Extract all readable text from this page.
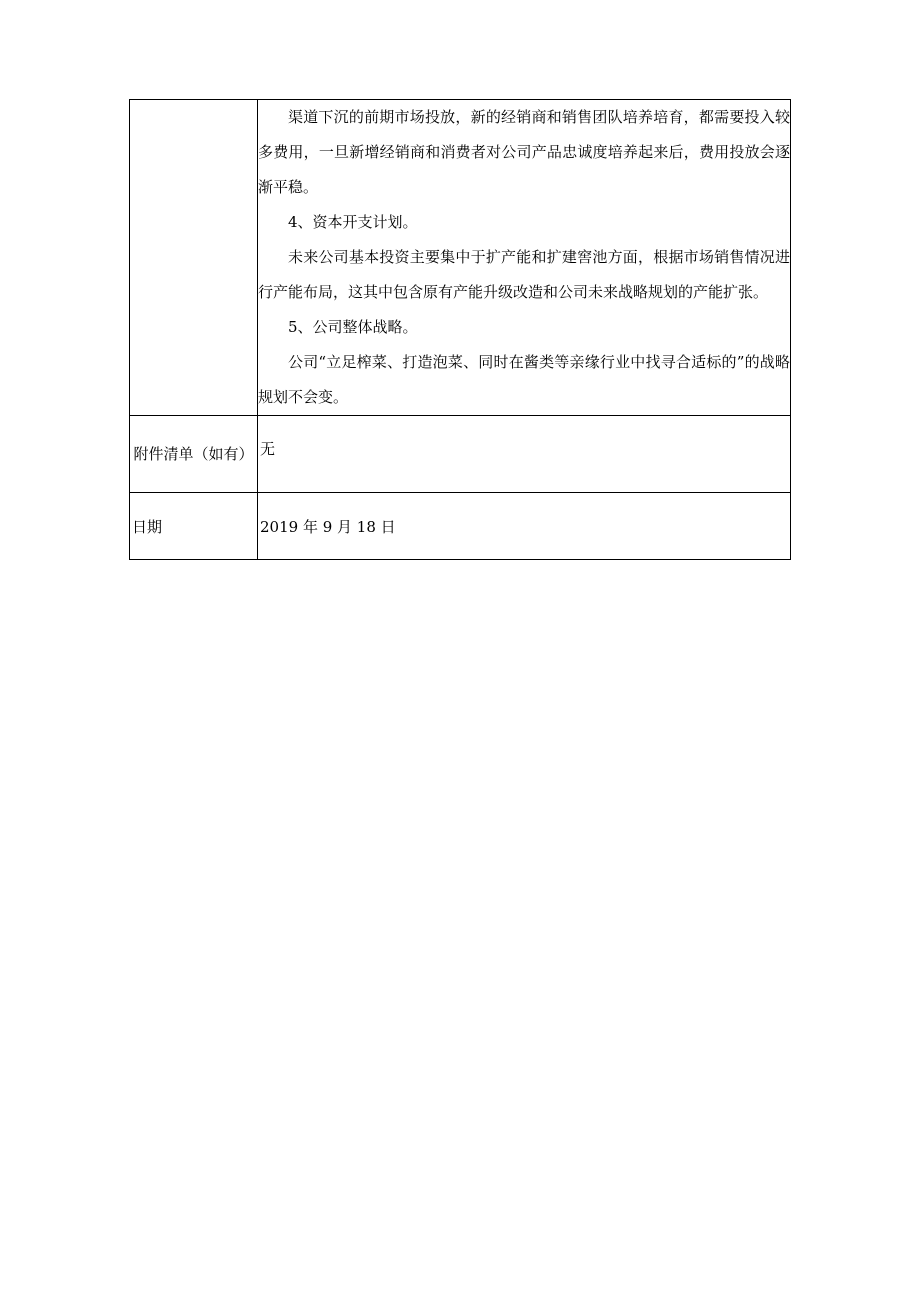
	渠道下沉的前期市场投放，新的经销商和销售团队培养培育，都需要投入较多费用，一旦新增经销商和消费者对公司产品忠诚度培养起来后，费用投放会逐渐平稳。

4、资本开支计划。

未来公司基本投资主要集中于扩产能和扩建窖池方面，根据市场销售情况进行产能布局，这其中包含原有产能升级改造和公司未来战略规划的产能扩张。

5、公司整体战略。

公司“立足榨菜、打造泡菜、同时在酱类等亲缘行业中找寻合适标的”的战略规划不会变。

附件清单（如有）	无
日期	2019 年 9 月 18 日
